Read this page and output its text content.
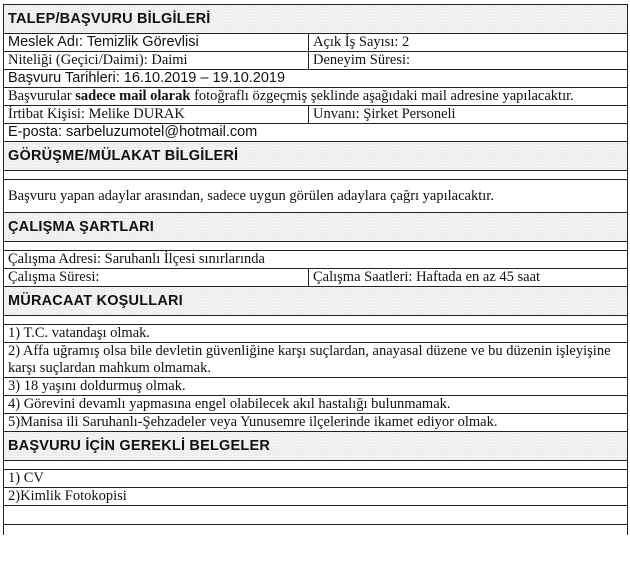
TALEP/BAŞVURU BİLGİLERİ	
Meslek Adı: Temizlik Görevlisi	Açık İş Sayısı: 2
Niteliği (Geçici/Daimi): Daimi	Deneyim Süresi:
Başvuru Tarihleri: 16.10.2019 – 19.10.2019	
Başvurular sadece mail olarak fotoğraflı özgeçmiş şeklinde aşağıdaki mail adresine yapılacaktır.	
İrtibat Kişisi: Melike DURAK	Unvanı: Şirket Personeli
E-posta: sarbeluzumotel@hotmail.com	
GÖRÜŞME/MÜLAKAT BİLGİLERİ	

Başvuru yapan adaylar arasından, sadece uygun görülen adaylara çağrı yapılacaktır.	
ÇALIŞMA ŞARTLARI	

Çalışma Adresi: Saruhanlı İlçesi sınırlarında	
Çalışma Süresi:	Çalışma Saatleri: Haftada en az 45 saat
MÜRACAAT KOŞULLARI	

1) T.C. vatandaşı olmak.	
2) Affa uğramış olsa bile devletin güvenliğine karşı suçlardan, anayasal düzene ve bu düzenin işleyişine karşı suçlardan mahkum olmamak.	
3) 18 yaşını doldurmuş olmak.	
4) Görevini devamlı yapmasına engel olabilecek akıl hastalığı bulunmamak.	
5)Manisa ili Saruhanlı-Şehzadeler veya Yunusemre ilçelerinde ikamet ediyor olmak.	
BAŞVURU İÇİN GEREKLİ BELGELER	

1) CV	
2)Kimlik Fotokopisi	
